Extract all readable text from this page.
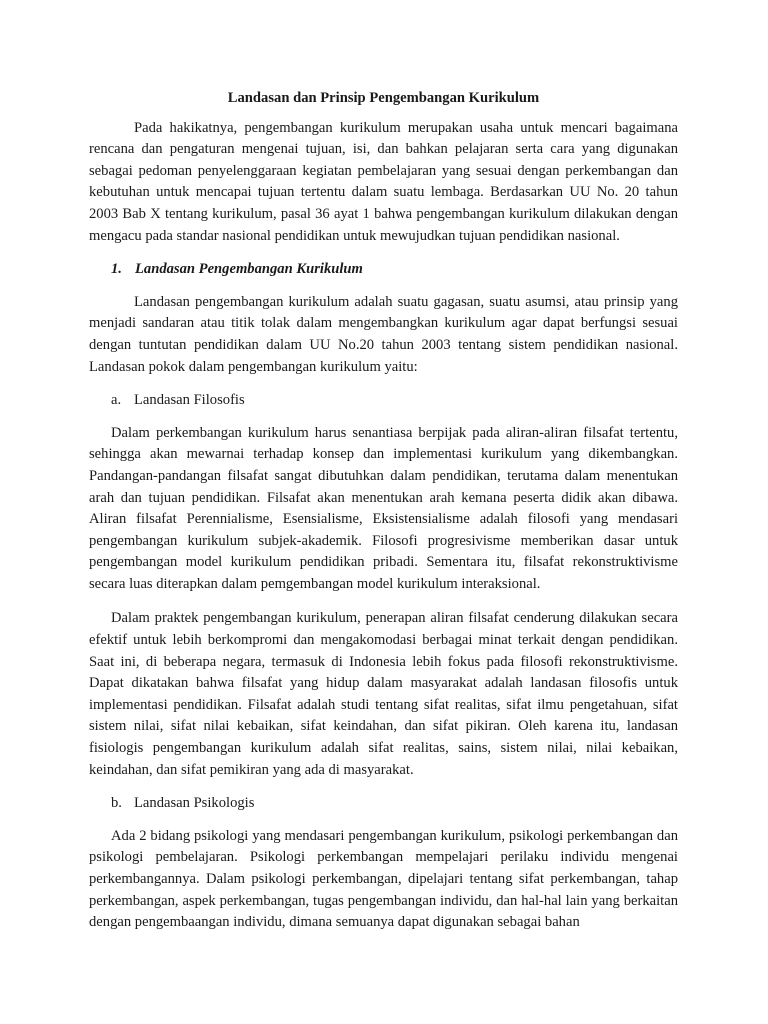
Landasan dan Prinsip Pengembangan Kurikulum

Pada hakikatnya, pengembangan kurikulum merupakan usaha untuk mencari bagaimana rencana dan pengaturan mengenai tujuan, isi, dan bahkan pelajaran serta cara yang digunakan sebagai pedoman penyelenggaraan kegiatan pembelajaran yang sesuai dengan perkembangan dan kebutuhan untuk mencapai tujuan tertentu dalam suatu lembaga. Berdasarkan UU No. 20 tahun 2003 Bab X tentang kurikulum, pasal 36 ayat 1 bahwa pengembangan kurikulum dilakukan dengan mengacu pada standar nasional pendidikan untuk mewujudkan tujuan pendidikan nasional.

1. Landasan Pengembangan Kurikulum

Landasan pengembangan kurikulum adalah suatu gagasan, suatu asumsi, atau prinsip yang menjadi sandaran atau titik tolak dalam mengembangkan kurikulum agar dapat berfungsi sesuai dengan tuntutan pendidikan dalam UU No.20 tahun 2003 tentang sistem pendidikan nasional. Landasan pokok dalam pengembangan kurikulum yaitu:

a. Landasan Filosofis

Dalam perkembangan kurikulum harus senantiasa berpijak pada aliran-aliran filsafat tertentu, sehingga akan mewarnai terhadap konsep dan implementasi kurikulum yang dikembangkan. Pandangan-pandangan filsafat sangat dibutuhkan dalam pendidikan, terutama dalam menentukan arah dan tujuan pendidikan. Filsafat akan menentukan arah kemana peserta didik akan dibawa. Aliran filsafat Perennialisme, Esensialisme, Eksistensialisme adalah filosofi yang mendasari pengembangan kurikulum subjek-akademik. Filosofi progresivisme memberikan dasar untuk pengembangan model kurikulum pendidikan pribadi. Sementara itu, filsafat rekonstruktivisme secara luas diterapkan dalam pemgembangan model kurikulum interaksional.

Dalam praktek pengembangan kurikulum, penerapan aliran filsafat cenderung dilakukan secara efektif untuk lebih berkompromi dan mengakomodasi berbagai minat terkait dengan pendidikan. Saat ini, di beberapa negara, termasuk di Indonesia lebih fokus pada filosofi rekonstruktivisme. Dapat dikatakan bahwa filsafat yang hidup dalam masyarakat adalah landasan filosofis untuk implementasi pendidikan. Filsafat adalah studi tentang sifat realitas, sifat ilmu pengetahuan, sifat sistem nilai, sifat nilai kebaikan, sifat keindahan, dan sifat pikiran. Oleh karena itu, landasan fisiologis pengembangan kurikulum adalah sifat realitas, sains, sistem nilai, nilai kebaikan, keindahan, dan sifat pemikiran yang ada di masyarakat.

b. Landasan Psikologis

Ada 2 bidang psikologi yang mendasari pengembangan kurikulum, psikologi perkembangan dan psikologi pembelajaran. Psikologi perkembangan mempelajari perilaku individu mengenai perkembangannya. Dalam psikologi perkembangan, dipelajari tentang sifat perkembangan, tahap perkembangan, aspek perkembangan, tugas pengembangan individu, dan hal-hal lain yang berkaitan dengan pengembaangan individu, dimana semuanya dapat digunakan sebagai bahan
